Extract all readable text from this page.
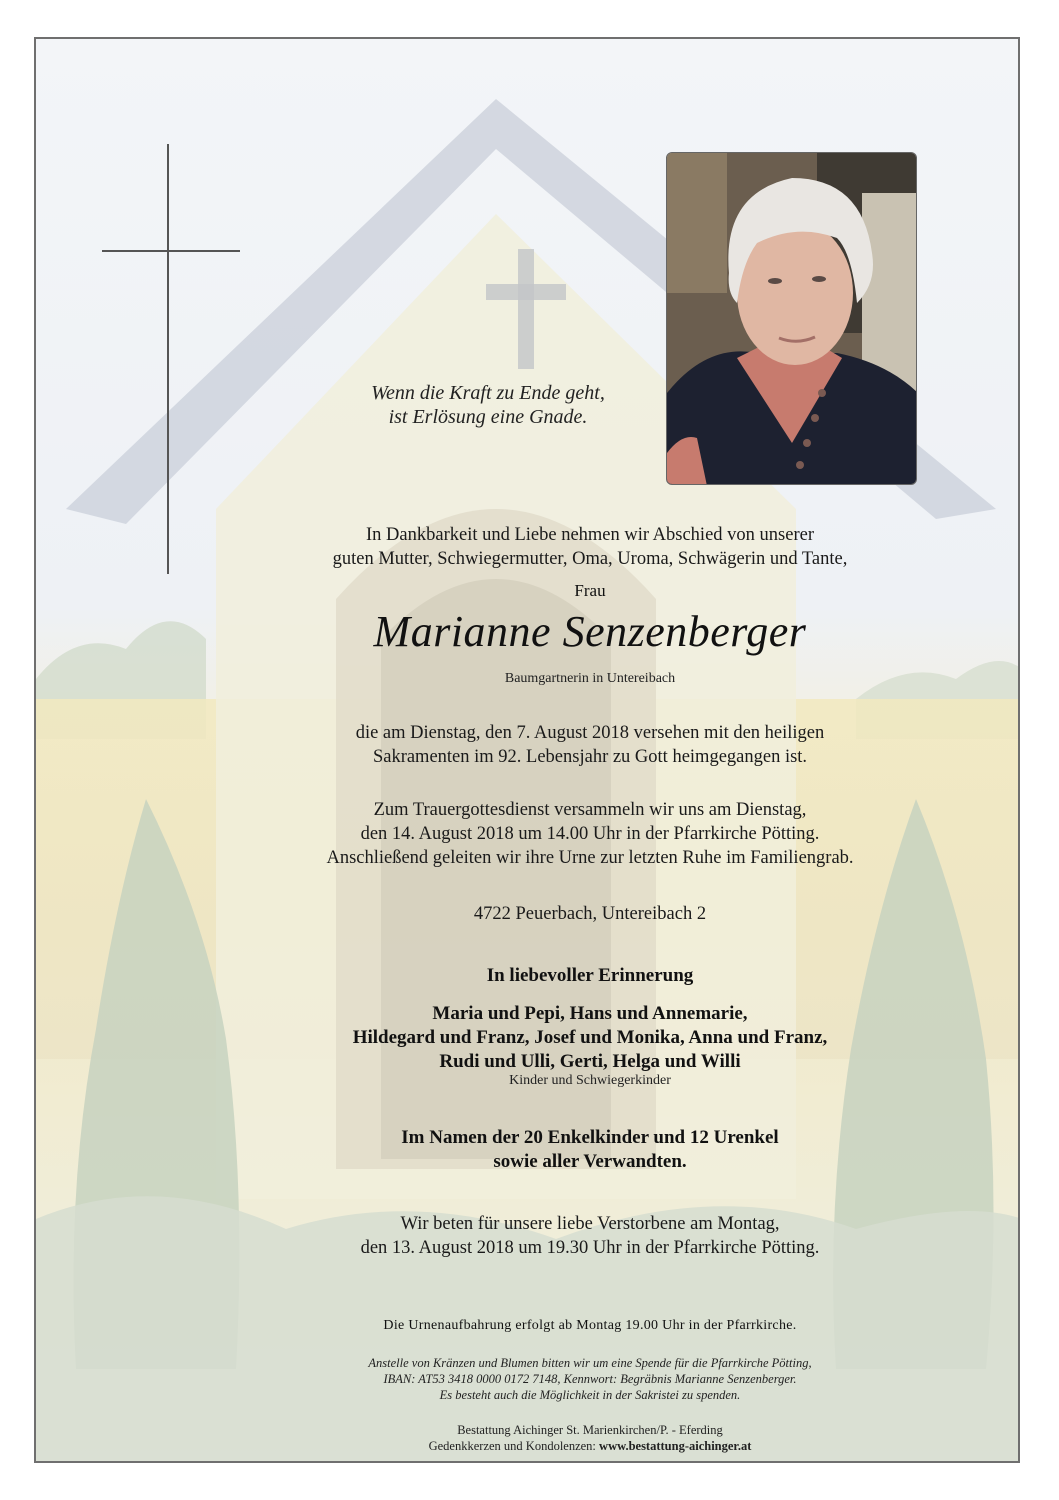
Wenn die Kraft zu Ende geht,
ist Erlösung eine Gnade.
In Dankbarkeit und Liebe nehmen wir Abschied von unserer
guten Mutter, Schwiegermutter, Oma, Uroma, Schwägerin und Tante,
Frau
Marianne Senzenberger
Baumgartnerin in Untereibach
die am Dienstag, den 7. August 2018 versehen mit den heiligen
Sakramenten im 92. Lebensjahr zu Gott heimgegangen ist.
Zum Trauergottesdienst versammeln wir uns am Dienstag,
den 14. August 2018 um 14.00 Uhr in der Pfarrkirche Pötting.
Anschließend geleiten wir ihre Urne zur letzten Ruhe im Familiengrab.
4722 Peuerbach, Untereibach 2
In liebevoller Erinnerung
Maria und Pepi, Hans und Annemarie,
Hildegard und Franz, Josef und Monika, Anna und Franz,
Rudi und Ulli, Gerti, Helga und Willi
Kinder und Schwiegerkinder
Im Namen der 20 Enkelkinder und 12 Urenkel
sowie aller Verwandten.
Wir beten für unsere liebe Verstorbene am Montag,
den 13. August 2018 um 19.30 Uhr in der Pfarrkirche Pötting.
Die Urnenaufbahrung erfolgt ab Montag 19.00 Uhr in der Pfarrkirche.
Anstelle von Kränzen und Blumen bitten wir um eine Spende für die Pfarrkirche Pötting,
IBAN: AT53 3418 0000 0172 7148, Kennwort: Begräbnis Marianne Senzenberger.
Es besteht auch die Möglichkeit in der Sakristei zu spenden.
Bestattung Aichinger St. Marienkirchen/P. - Eferding
Gedenkkerzen und Kondolenzen: www.bestattung-aichinger.at
